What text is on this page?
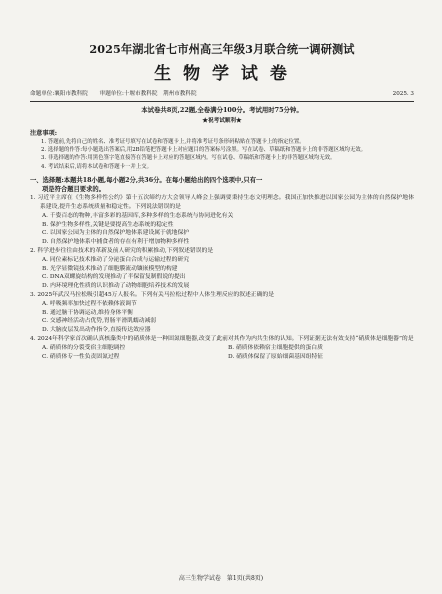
2025年湖北省七市州高三年级3月联合统一调研测试
生 物 学 试 卷
命题单位:襄阳市教科院 审题单位:十堰市教科院　荆州市教科院	2025. 3
本试卷共8页,22题,全卷满分100分。考试用时75分钟。
★祝考试顺利★
注意事项:

1. 答题前,先将自己的姓名、准考证号填写在试卷和答题卡上,并将准考证号条形码粘贴在答题卡上的指定位置。

2. 选择题的作答:每小题选出答案后,用2B铅笔把答题卡上对应题目的答案标号涂黑。写在试卷、草稿纸和答题卡上的非答题区域均无效。

3. 非选择题的作答:用黑色签字笔直接答在答题卡上对应的答题区域内。写在试卷、草稿纸和答题卡上的非答题区域均无效。

4. 考试结束后,请将本试卷和答题卡一并上交。

一、选择题:本题共18小题,每小题2分,共36分。在每小题给出的四个选项中,只有一
项是符合题目要求的。

1. 习近平主席在《生物多样性公约》第十五次缔约方大会领导人峰会上强调要秉持生态文明理念。我国正加快推进以国家公园为主体的自然保护地体系建设,提升生态系统质量和稳定性。下列说法错误的是

A. 千姿百态的物种,丰富多彩的基因库,多种多样的生态系统与协同进化有关

B. 保护生物多样性,关键是要提高生态系统的稳定性

C. 以国家公园为主体的自然保护地体系建设属于就地保护

D. 自然保护地体系中捕食者的存在有利于增加物种多样性

2. 科学进步往往由技术的革新及前人研究的积累推动,下列叙述错误的是

A. 同位素标记技术推动了分泌蛋白合成与运输过程的研究

B. 光学显微镜技术推动了细胞膜流动镶嵌模型的构建

C. DNA双螺旋结构的发现推动了半保留复制假说的提出

D. 内环境理化性质的认识推动了动物细胞培养技术的发展

3. 2025年武汉马拉松吸引超45万人报名。下列有关马拉松过程中人体生理反应的叙述正确的是

A. 呼吸频率加快过程不依赖体液调节

B. 通过脑干协调运动,维持身体平衡

C. 交感神经活动占优势,胃肠平滑肌蠕动减弱

D. 大脑皮层发出动作指令,直接传达效应器

4. 2024年科学家首次确认真核藻类中的硝质体是一种固氮细胞器,改变了此前对其作为内共生体的认知。下列证据无法有效支持“硝质体是细胞器”的是

A. 硝质体的分裂受宿主细胞调控	B. 硝质体依赖宿主细胞提供的蛋白质
C. 硝质体专一性负责固氮过程	D. 硝质体保留了原始细菌基因组特征
高三生物学试卷　第1页(共8页)
